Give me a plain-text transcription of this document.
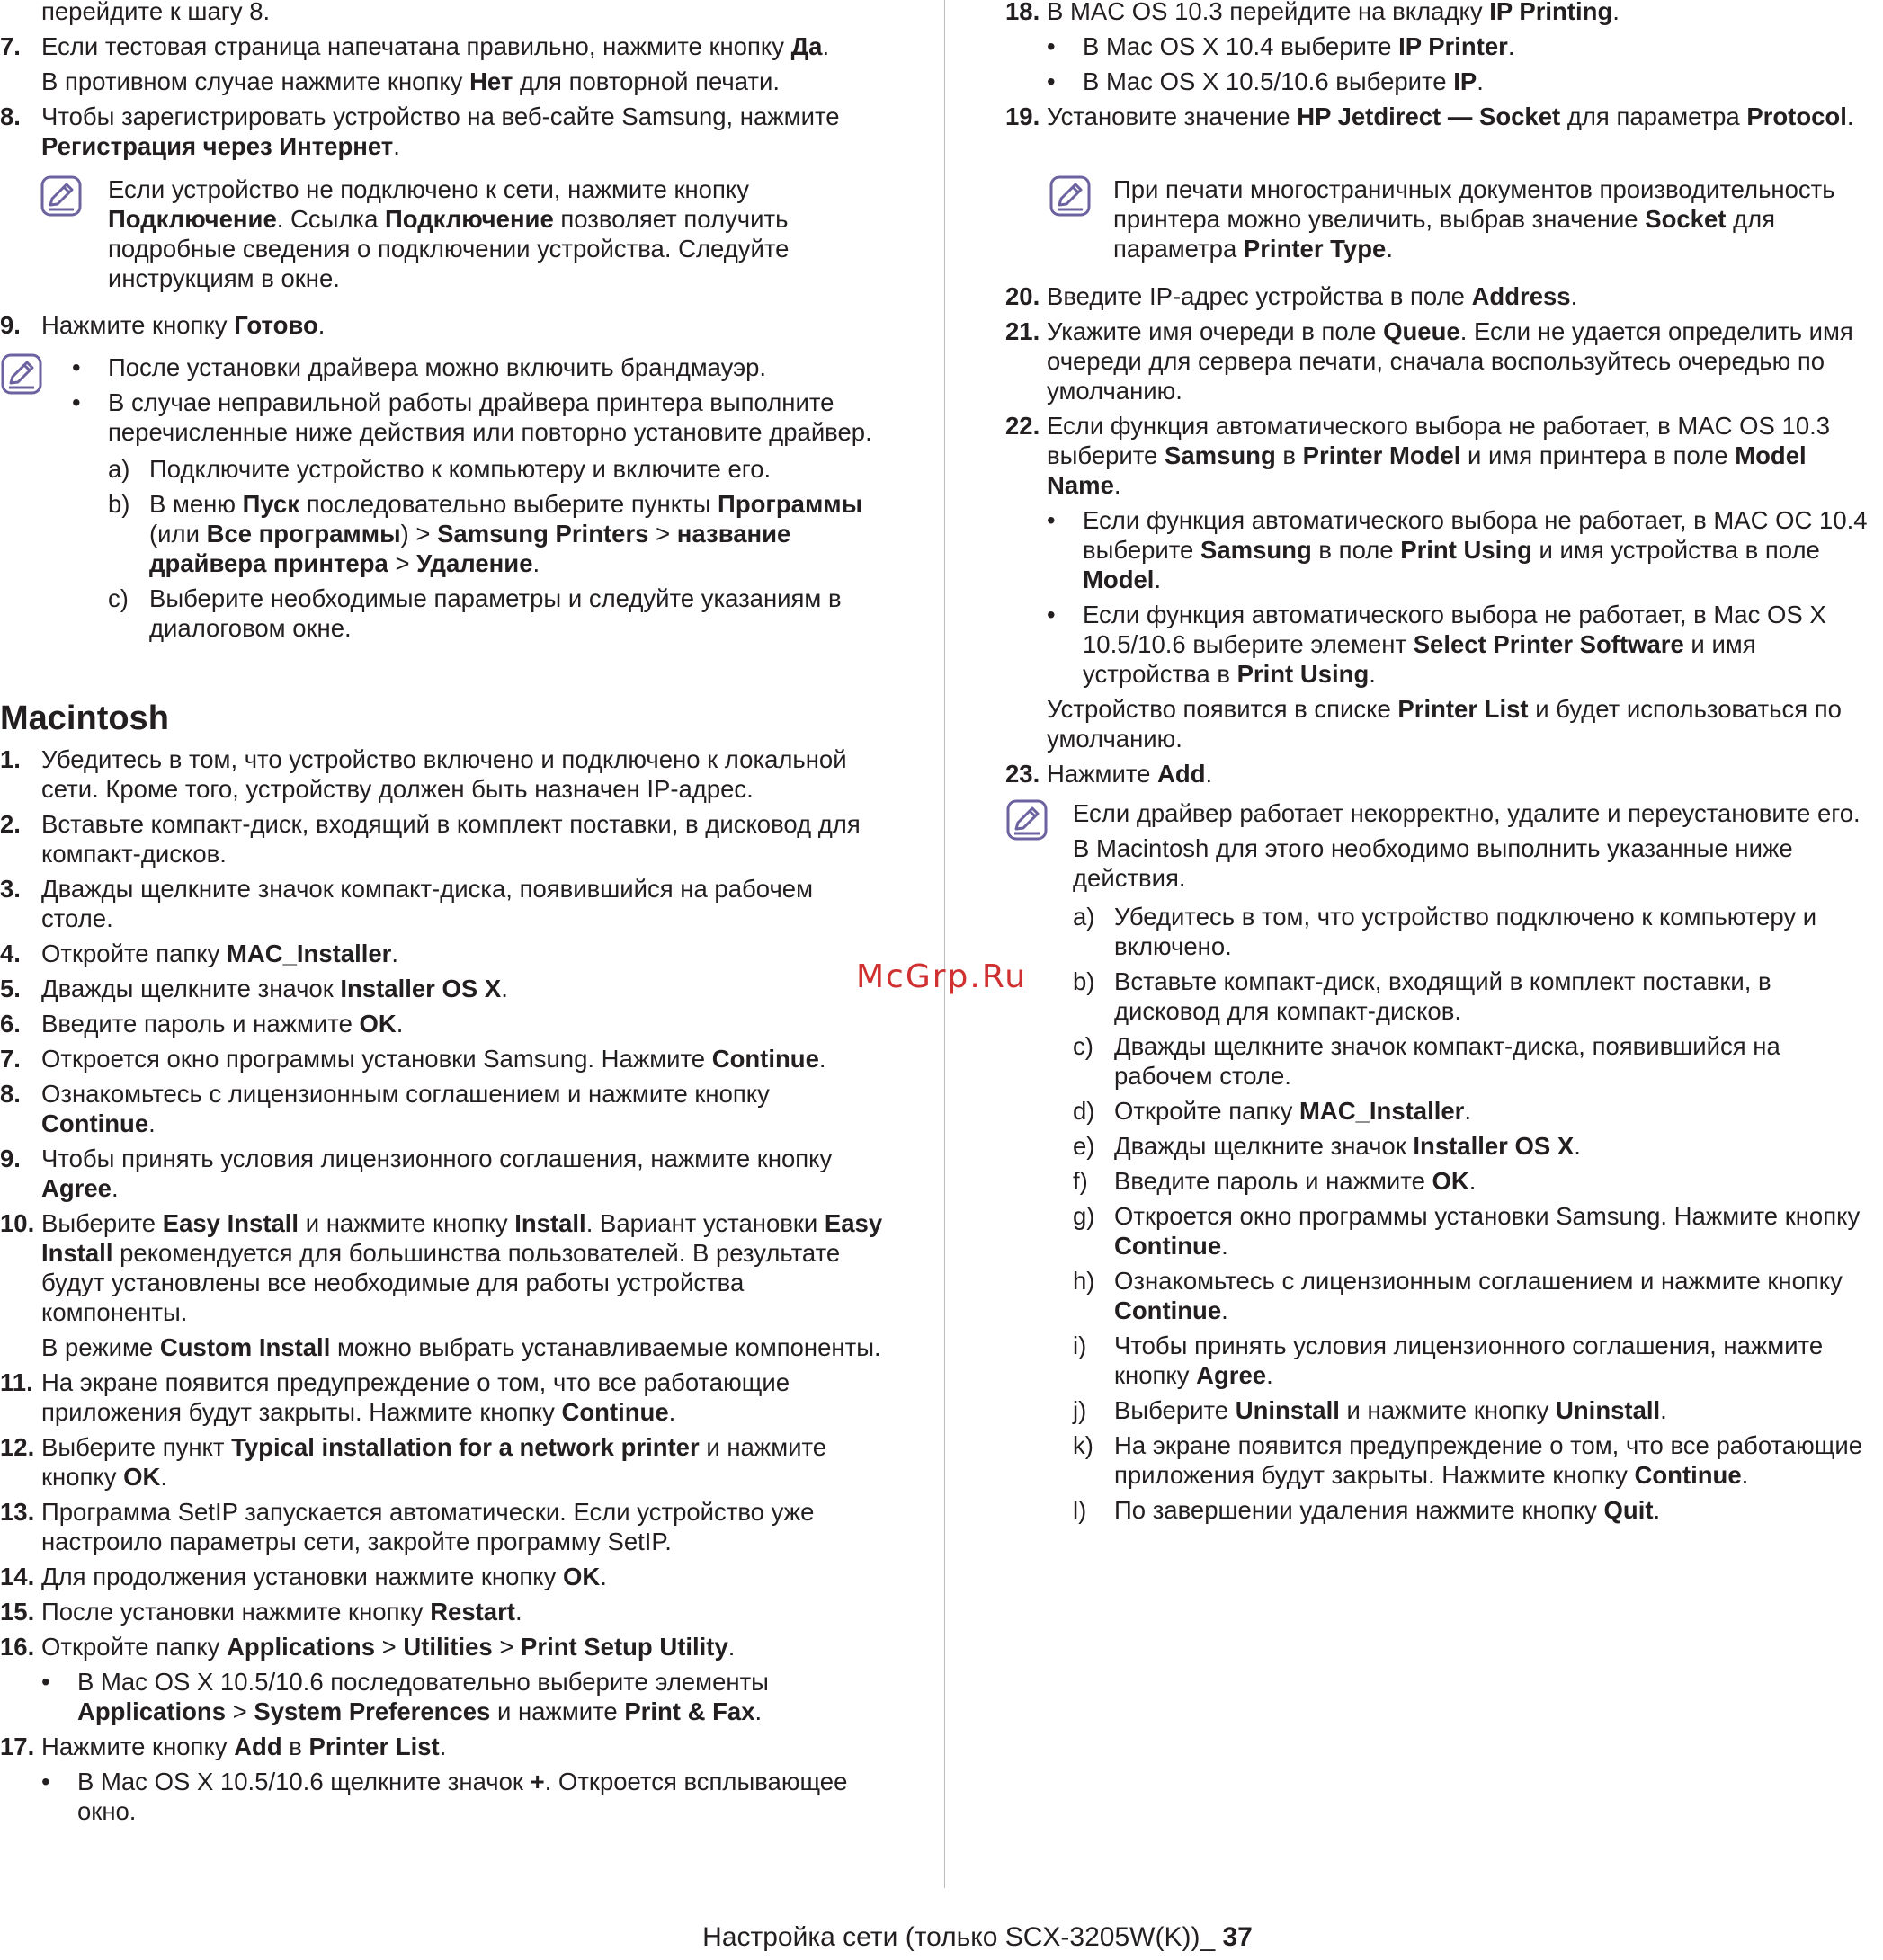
перейдите к шагу 8.

7. Если тестовая страница напечатана правильно, нажмите кнопку Да.

В противном случае нажмите кнопку Нет для повторной печати.

8. Чтобы зарегистрировать устройство на веб-сайте Samsung, нажмите Регистрация через Интернет.

Если устройство не подключено к сети, нажмите кнопку Подключение. Ссылка Подключение позволяет получить подробные сведения о подключении устройства. Следуйте инструкциям в окне.

9. Нажмите кнопку Готово.

• После установки драйвера можно включить брандмауэр.

• В случае неправильной работы драйвера принтера выполните перечисленные ниже действия или повторно установите драйвер.

a) Подключите устройство к компьютеру и включите его.

b) В меню Пуск последовательно выберите пункты Программы (или Все программы) > Samsung Printers > название драйвера принтера > Удаление.

c) Выберите необходимые параметры и следуйте указаниям в диалоговом окне.

Macintosh
1. Убедитесь в том, что устройство включено и подключено к локальной сети. Кроме того, устройству должен быть назначен IP-адрес.

2. Вставьте компакт-диск, входящий в комплект поставки, в дисковод для компакт-дисков.

3. Дважды щелкните значок компакт-диска, появившийся на рабочем столе.

4. Откройте папку MAC_Installer.

5. Дважды щелкните значок Installer OS X.

6. Введите пароль и нажмите OK.

7. Откроется окно программы установки Samsung. Нажмите Continue.

8. Ознакомьтесь с лицензионным соглашением и нажмите кнопку Continue.

9. Чтобы принять условия лицензионного соглашения, нажмите кнопку Agree.

10. Выберите Easy Install и нажмите кнопку Install. Вариант установки Easy Install рекомендуется для большинства пользователей. В результате будут установлены все необходимые для работы устройства компоненты.

В режиме Custom Install можно выбрать устанавливаемые компоненты.

11. На экране появится предупреждение о том, что все работающие приложения будут закрыты. Нажмите кнопку Continue.

12. Выберите пункт Typical installation for a network printer и нажмите кнопку OK.

13. Программа SetIP запускается автоматически. Если устройство уже настроило параметры сети, закройте программу SetIP.

14. Для продолжения установки нажмите кнопку OK.

15. После установки нажмите кнопку Restart.

16. Откройте папку Applications > Utilities > Print Setup Utility.

• В Mac OS X 10.5/10.6 последовательно выберите элементы Applications > System Preferences и нажмите Print & Fax.

17. Нажмите кнопку Add в Printer List.

• В Mac OS X 10.5/10.6 щелкните значок +. Откроется всплывающее окно.

18. В MAC OS 10.3 перейдите на вкладку IP Printing.

• В Mac OS X 10.4 выберите IP Printer.

• В Mac OS X 10.5/10.6 выберите IP.

19. Установите значение HP Jetdirect — Socket для параметра Protocol.

При печати многостраничных документов производительность принтера можно увеличить, выбрав значение Socket для параметра Printer Type.

20. Введите IP-адрес устройства в поле Address.

21. Укажите имя очереди в поле Queue. Если не удается определить имя очереди для сервера печати, сначала воспользуйтесь очередью по умолчанию.

22. Если функция автоматического выбора не работает, в MAC OS 10.3 выберите Samsung в Printer Model и имя принтера в поле Model Name.

• Если функция автоматического выбора не работает, в MAC OC 10.4 выберите Samsung в поле Print Using и имя устройства в поле Model.

• Если функция автоматического выбора не работает, в Mac OS X 10.5/10.6 выберите элемент Select Printer Software и имя устройства в Print Using.

Устройство появится в списке Printer List и будет использоваться по умолчанию.

23. Нажмите Add.

Если драйвер работает некорректно, удалите и переустановите его.

В Macintosh для этого необходимо выполнить указанные ниже действия.

a) Убедитесь в том, что устройство подключено к компьютеру и включено.

b) Вставьте компакт-диск, входящий в комплект поставки, в дисковод для компакт-дисков.

c) Дважды щелкните значок компакт-диска, появившийся на рабочем столе.

d) Откройте папку MAC_Installer.

e) Дважды щелкните значок Installer OS X.

f) Введите пароль и нажмите OK.

g) Откроется окно программы установки Samsung. Нажмите кнопку Continue.

h) Ознакомьтесь с лицензионным соглашением и нажмите кнопку Continue.

i) Чтобы принять условия лицензионного соглашения, нажмите кнопку Agree.

j) Выберите Uninstall и нажмите кнопку Uninstall.

k) На экране появится предупреждение о том, что все работающие приложения будут закрыты. Нажмите кнопку Continue.

l) По завершении удаления нажмите кнопку Quit.

McGrp.Ru
Настройка сети (только SCX-3205W(K))_ 37
